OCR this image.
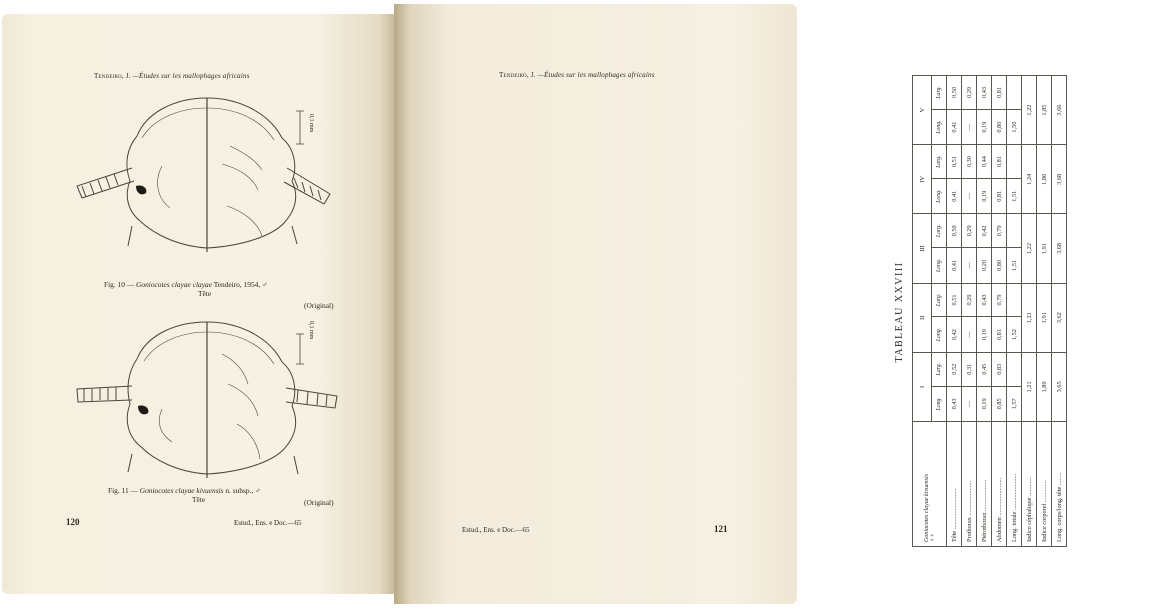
Tendeiro, J. —Études sur les mallophages africains
0,1 mm
Fig. 10 — Goniocotes clayae clayae Tendeiro, 1954, ♂
Tête
(Original)
0,1 mm
Fig. 11 — Goniocotes clayae kivuensis n. subsp., ♂
Tête	(Original)
120	Estud., Ens. e Doc.—65
Tendeiro, J. —Études sur les mallophages africains
TABLEAU XXVIII
Goniocotes clayae kivuensis
♀♀	I		II		III		IV		V	
	Long.	Larg.	Long.	Larg.	Long.	Larg.	Long.	Larg.	Long.	Larg.
Tête ..........................	0,43	0,52	0,42	0,51	0,41	0,50	0,41	0,51	0,41	0,50
Prothorax ......................	—	0,31	—	0,29	—	0,29	—	0,30	—	0,29
Ptérothorax ....................	0,19	0,45	0,19	0,43	0,20	0,42	0,19	0,44	0,19	0,43
Abdomen ........................	0,85	0,83	0,81	0,79	0,80	0,79	0,81	0,81	0,80	0,81
Long. totale .......................	1,57		1,52		1,51		1,51		1,50	
Indice céphalique ............	1,21		1,21		1,22		1,24		1,22	
Indice corporel ..............	1,89		1,91		1,91		1,86		1,85	
Long. corps/long. tête ........	3,65		3,62		3,68		3,68		3,66	
Estud., Ens. e Doc.—65	121
